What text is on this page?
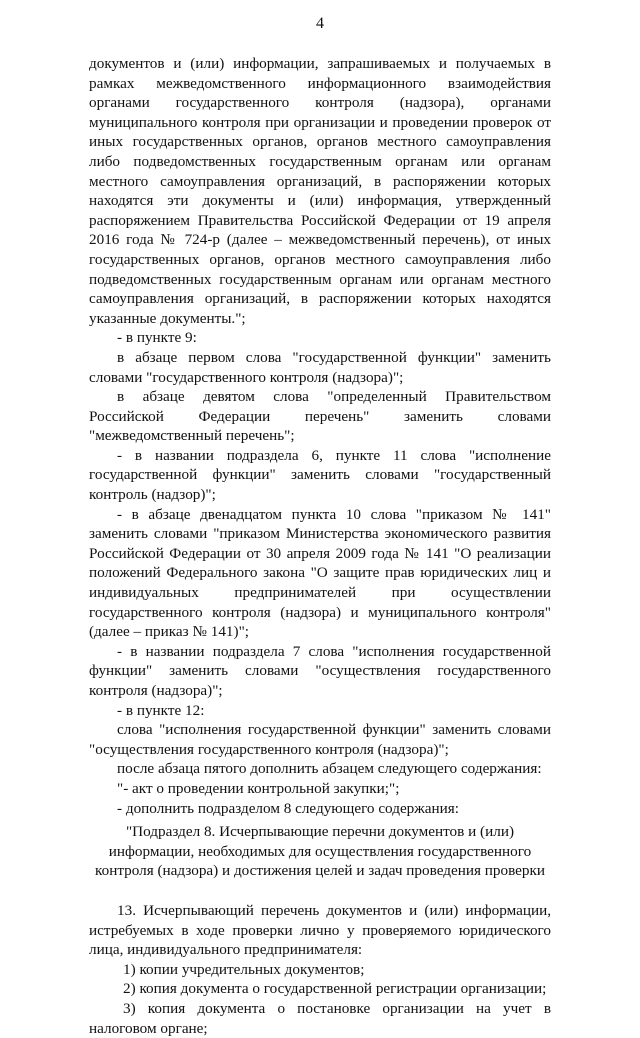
4

документов и (или) информации, запрашиваемых и получаемых в рамках межведомственного информационного взаимодействия органами государственного контроля (надзора), органами муниципального контроля при организации и проведении проверок от иных государственных органов, органов местного самоуправления либо подведомственных государственным органам или органам местного самоуправления организаций, в распоряжении которых находятся эти документы и (или) информация, утвержденный распоряжением Правительства Российской Федерации от 19 апреля 2016 года № 724-р (далее – межведомственный перечень), от иных государственных органов, органов местного самоуправления либо подведомственных государственным органам или органам местного самоуправления организаций, в распоряжении которых находятся указанные документы.";

- в пункте 9:

в абзаце первом слова "государственной функции" заменить словами "государственного контроля (надзора)";

в абзаце девятом слова "определенный Правительством Российской Федерации перечень" заменить словами "межведомственный перечень";

- в названии подраздела 6, пункте 11 слова "исполнение государственной функции" заменить словами "государственный контроль (надзор)";

- в абзаце двенадцатом пункта 10 слова "приказом № 141" заменить словами "приказом Министерства экономического развития Российской Федерации от 30 апреля 2009 года № 141 "О реализации положений Федерального закона "О защите прав юридических лиц и индивидуальных предпринимателей при осуществлении государственного контроля (надзора) и муниципального контроля" (далее – приказ № 141)";

- в названии подраздела 7 слова "исполнения государственной функции" заменить словами "осуществления государственного контроля (надзора)";

- в пункте 12:

слова "исполнения государственной функции" заменить словами "осуществления государственного контроля (надзора)";

после абзаца пятого дополнить абзацем следующего содержания:

"- акт о проведении контрольной закупки;";

- дополнить подразделом 8 следующего содержания:

"Подраздел 8. Исчерпывающие перечни документов и (или) информации, необходимых для осуществления государственного контроля (надзора) и достижения целей и задач проведения проверки

13. Исчерпывающий перечень документов и (или) информации, истребуемых в ходе проверки лично у проверяемого юридического лица, индивидуального предпринимателя:

1) копии учредительных документов;

2) копия документа о государственной регистрации организации;

3) копия документа о постановке организации на учет в налоговом органе;
